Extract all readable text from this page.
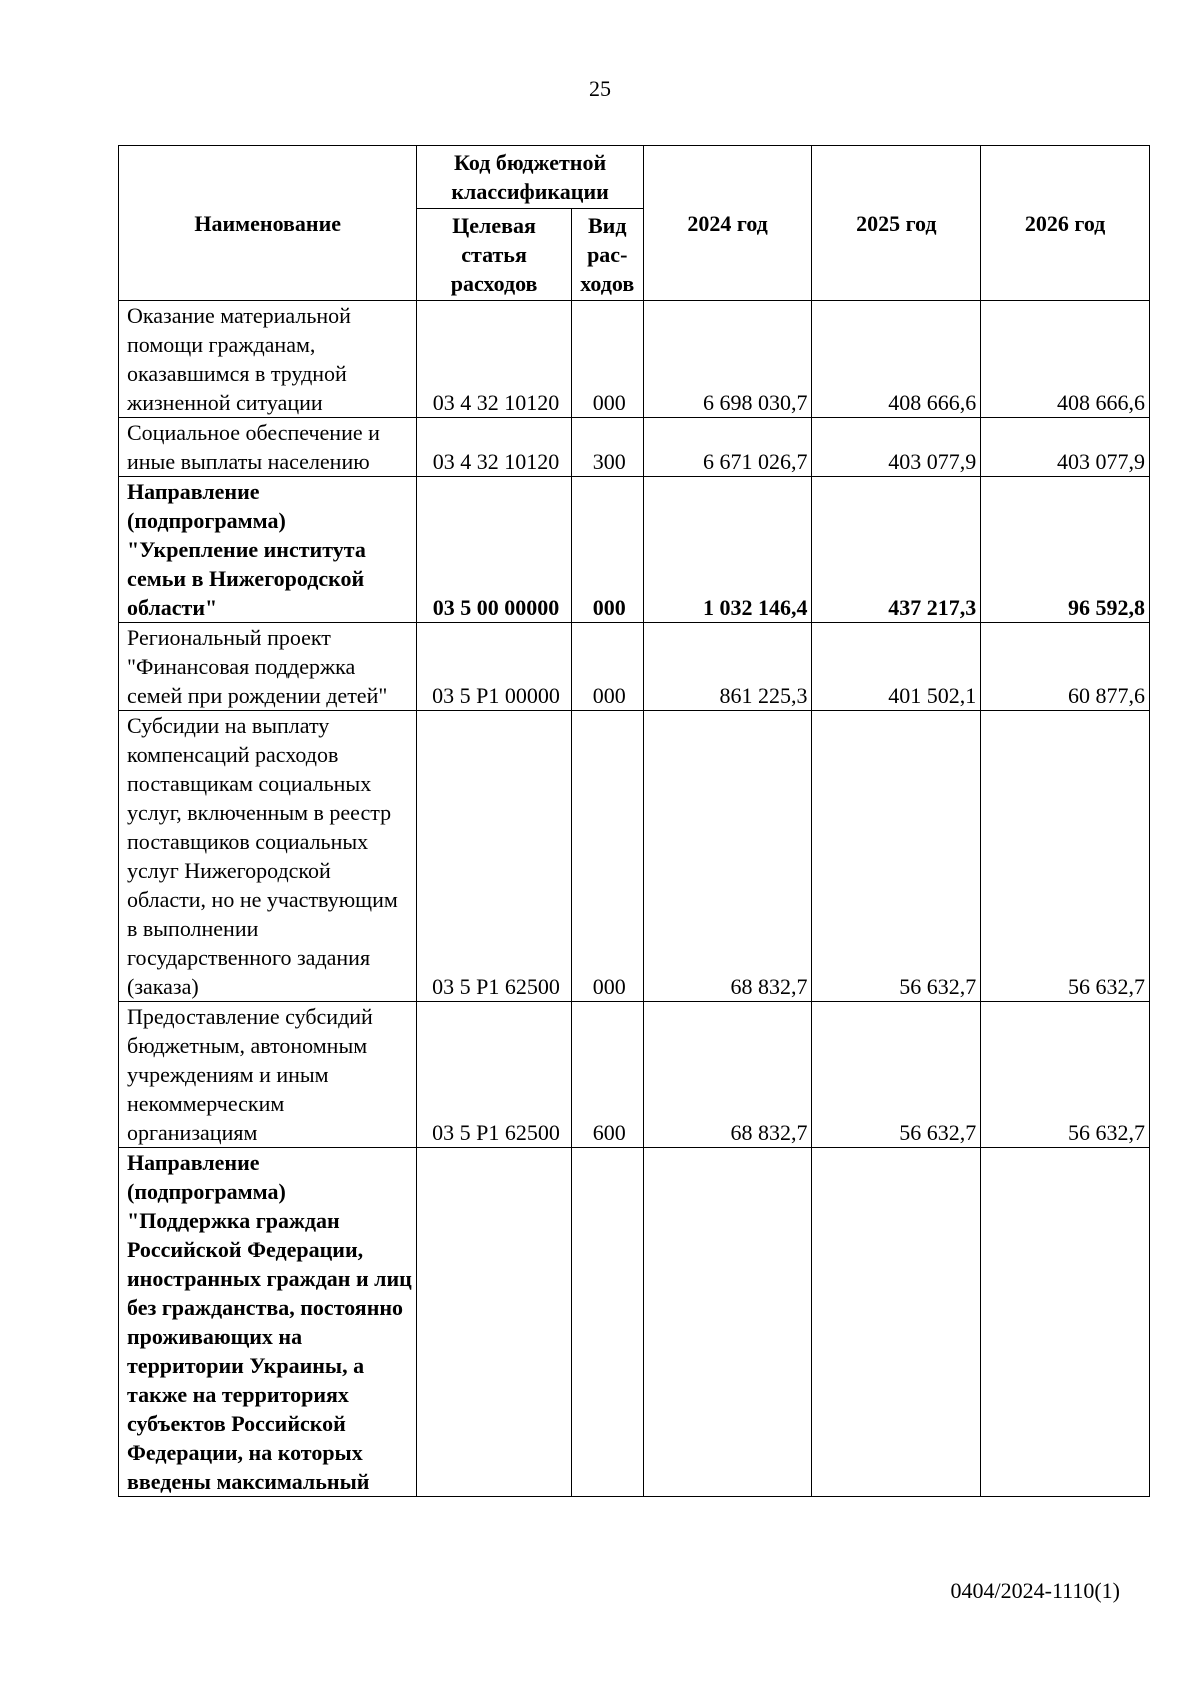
25
Наименование	Код бюджетной классификации		2024 год	2025 год	2026 год
	Целевая статья расходов	Вид рас-ходов			
Оказание материальной помощи гражданам, оказавшимся в трудной жизненной ситуации	03 4 32 10120	000	6 698 030,7	408 666,6	408 666,6
Социальное обеспечение и иные выплаты населению	03 4 32 10120	300	6 671 026,7	403 077,9	403 077,9
Направление (подпрограмма) "Укрепление института семьи в Нижегородской области"	03 5 00 00000	000	1 032 146,4	437 217,3	96 592,8
Региональный проект "Финансовая поддержка семей при рождении детей"	03 5 P1 00000	000	861 225,3	401 502,1	60 877,6
Субсидии на выплату компенсаций расходов поставщикам социальных услуг, включенным в реестр поставщиков социальных услуг Нижегородской области, но не участвующим в выполнении государственного задания (заказа)	03 5 P1 62500	000	68 832,7	56 632,7	56 632,7
Предоставление субсидий бюджетным, автономным учреждениям и иным некоммерческим организациям	03 5 P1 62500	600	68 832,7	56 632,7	56 632,7
Направление (подпрограмма) "Поддержка граждан Российской Федерации, иностранных граждан и лиц без гражданства, постоянно проживающих на территории Украины, а также на территориях субъектов Российской Федерации, на которых введены максимальный					
0404/2024-1110(1)
